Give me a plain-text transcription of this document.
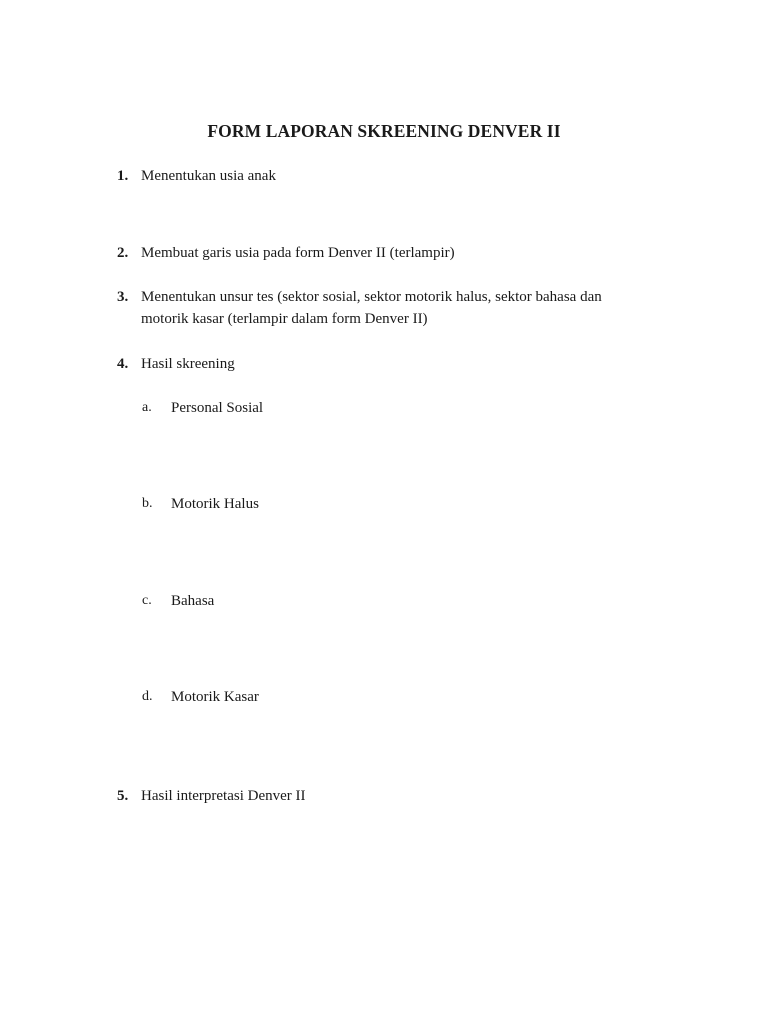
FORM LAPORAN SKREENING DENVER II
1. Menentukan usia anak
2. Membuat garis usia pada form Denver II (terlampir)
3. Menentukan unsur tes (sektor sosial, sektor motorik halus, sektor bahasa dan
motorik kasar (terlampir dalam form Denver II)
4. Hasil skreening
a. Personal Sosial
b. Motorik Halus
c. Bahasa
d. Motorik Kasar
5. Hasil interpretasi Denver II
